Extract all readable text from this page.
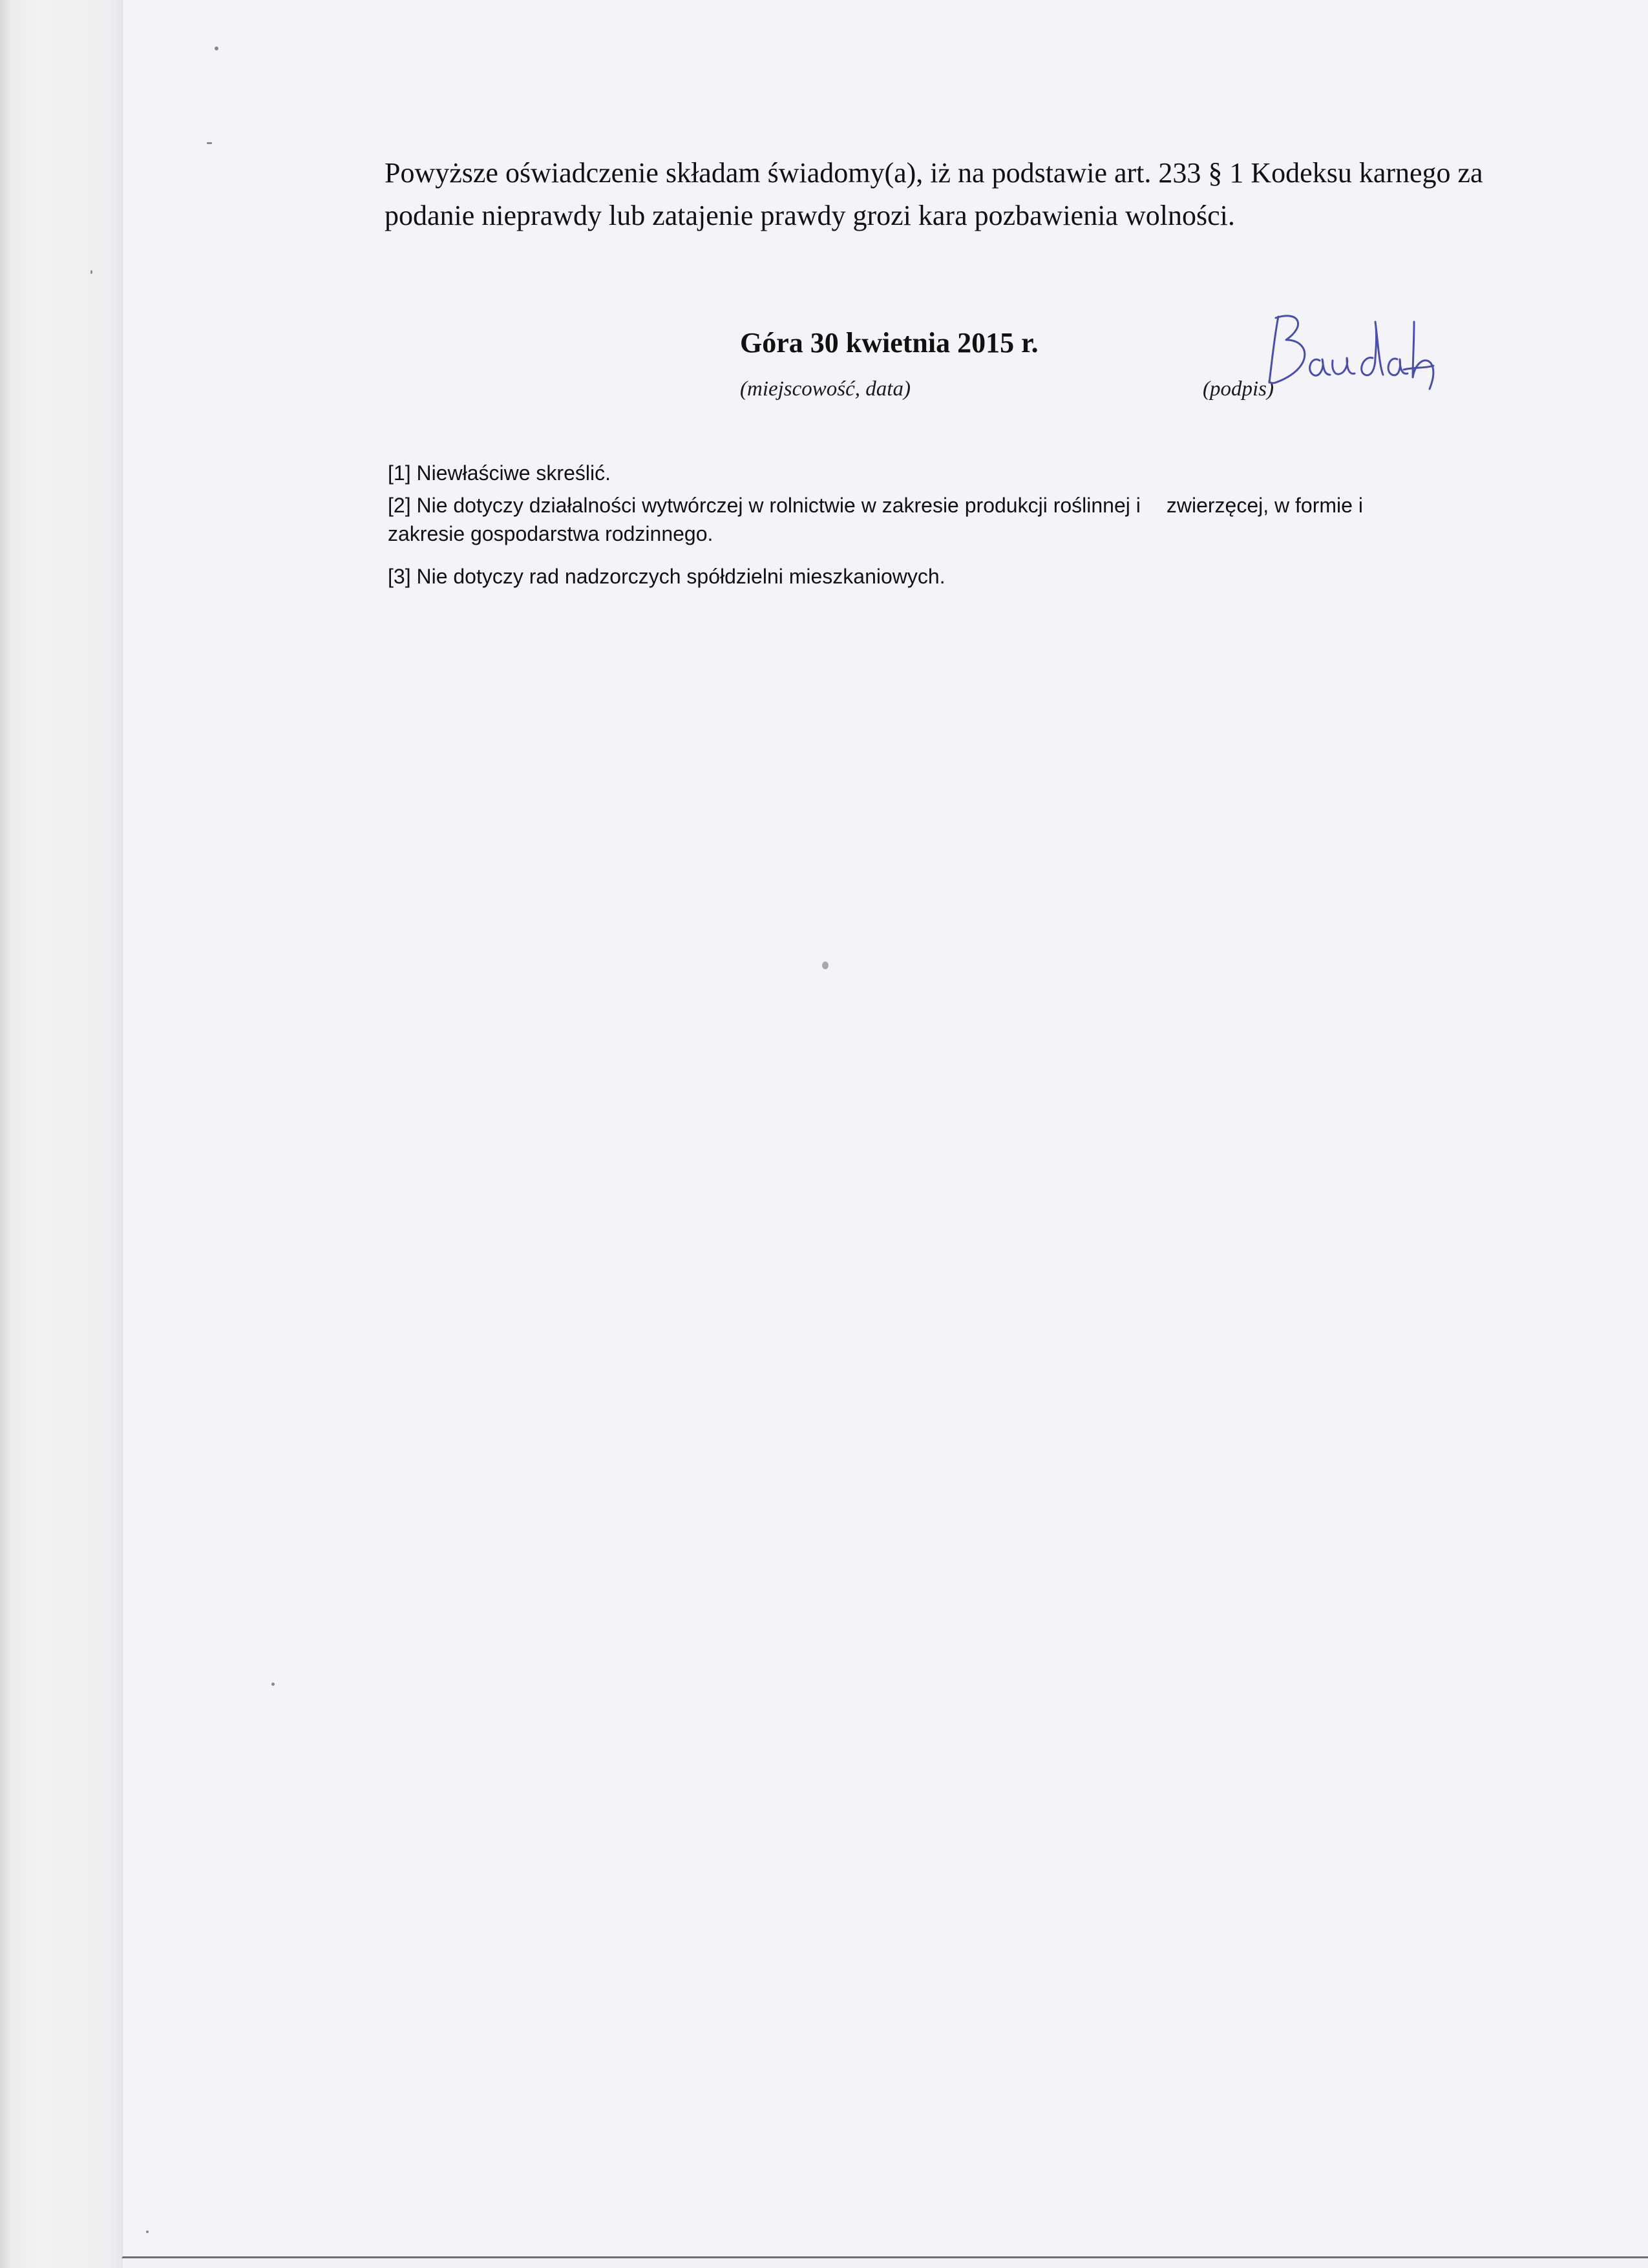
Powyższe oświadczenie składam świadomy(a), iż na podstawie art. 233 § 1 Kodeksu karnego za
podanie nieprawdy lub zatajenie prawdy grozi kara pozbawienia wolności.
Góra 30 kwietnia 2015 r.
(miejscowość, data)	(podpis)
[1] Niewłaściwe skreślić.
[2] Nie dotyczy działalności wytwórczej w rolnictwie w zakresie produkcji roślinnej i zwierzęcej, w formie i
zakresie gospodarstwa rodzinnego.
[3] Nie dotyczy rad nadzorczych spółdzielni mieszkaniowych.
